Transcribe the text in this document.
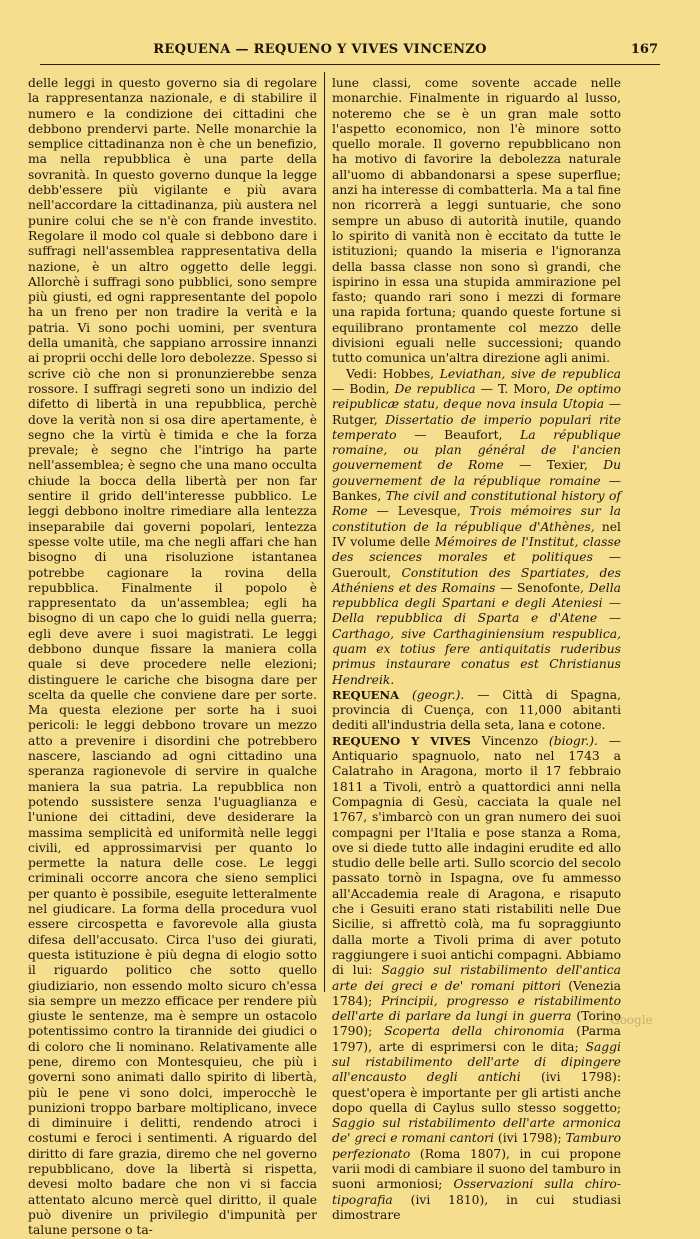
REQUENA — REQUENO Y VIVES VINCENZO	167

delle leggi in questo governo sia di regolare la rappresentanza nazionale, e di stabilire il numero e la condizione dei cittadini che debbono prendervi parte. Nelle monarchie la semplice cittadinanza non è che un benefizio, ma nella repubblica è una parte della sovranità. In questo governo dunque la legge debb'essere più vigilante e più avara nell'accordare la cittadinanza, più austera nel punire colui che se n'è con frande investito. Regolare il modo col quale si debbono dare i suffragi nell'assemblea rappresentativa della nazione, è un altro oggetto delle leggi. Allorchè i suffragi sono pubblici, sono sempre più giusti, ed ogni rappresentante del popolo ha un freno per non tradire la verità e la patria. Vi sono pochi uomini, per sventura della umanità, che sappiano arrossire innanzi ai proprii occhi delle loro debolezze. Spesso si scrive ciò che non si pronunzierebbe senza rossore. I suffragi segreti sono un indizio del difetto di libertà in una repubblica, perchè dove la verità non si osa dire apertamente, è segno che la virtù è timida e che la forza prevale; è segno che l'intrigo ha parte nell'assemblea; è segno che una mano occulta chiude la bocca della libertà per non far sentire il grido dell'interesse pubblico. Le leggi debbono inoltre rimediare alla lentezza inseparabile dai governi popolari, lentezza spesse volte utile, ma che negli affari che han bisogno di una risoluzione istantanea potrebbe cagionare la rovina della repubblica. Finalmente il popolo è rappresentato da un'assemblea; egli ha bisogno di un capo che lo guidi nella guerra; egli deve avere i suoi magistrati. Le leggi debbono dunque fissare la maniera colla quale si deve procedere nelle elezioni; distinguere le cariche che bisogna dare per scelta da quelle che conviene dare per sorte. Ma questa elezione per sorte ha i suoi pericoli: le leggi debbono trovare un mezzo atto a prevenire i disordini che potrebbero nascere, lasciando ad ogni cittadino una speranza ragionevole di servire in qualche maniera la sua patria. La repubblica non potendo sussistere senza l'uguaglianza e l'unione dei cittadini, deve desiderare la massima semplicità ed uniformità nelle leggi civili, ed approssimarvisi per quanto lo permette la natura delle cose. Le leggi criminali occorre ancora che sieno semplici per quanto è possibile, eseguite letteralmente nel giudicare. La forma della procedura vuol essere circospetta e favorevole alla giusta difesa dell'accusato. Circa l'uso dei giurati, questa istituzione è più degna di elogio sotto il riguardo politico che sotto quello giudiziario, non essendo molto sicuro ch'essa sia sempre un mezzo efficace per rendere più giuste le sentenze, ma è sempre un ostacolo potentissimo contro la tirannide dei giudici o di coloro che li nominano. Relativamente alle pene, diremo con Montesquieu, che più i governi sono animati dallo spirito di libertà, più le pene vi sono dolci, imperocchè le punizioni troppo barbare moltiplicano, invece di diminuire i delitti, rendendo atroci i costumi e feroci i sentimenti. A riguardo del diritto di fare grazia, diremo che nel governo repubblicano, dove la libertà si rispetta, devesi molto badare che non vi si faccia attentato alcuno mercè quel diritto, il quale può divenire un privilegio d'impunità per talune persone o ta-

lune classi, come sovente accade nelle monarchie. Finalmente in riguardo al lusso, noteremo che se è un gran male sotto l'aspetto economico, non l'è minore sotto quello morale. Il governo repubblicano non ha motivo di favorire la debolezza naturale all'uomo di abbandonarsi a spese superflue; anzi ha interesse di combatterla. Ma a tal fine non ricorrerà a leggi suntuarie, che sono sempre un abuso di autorità inutile, quando lo spirito di vanità non è eccitato da tutte le istituzioni; quando la miseria e l'ignoranza della bassa classe non sono sì grandi, che ispirino in essa una stupida ammirazione pel fasto; quando rari sono i mezzi di formare una rapida fortuna; quando queste fortune si equilibrano prontamente col mezzo delle divisioni eguali nelle successioni; quando tutto comunica un'altra direzione agli animi.

Vedi: Hobbes, Leviathan, sive de republica — Bodin, De republica — T. Moro, De optimo reipublicæ statu, deque nova insula Utopia — Rutger, Dissertatio de imperio populari rite temperato — Beaufort, La république romaine, ou plan général de l'ancien gouvernement de Rome — Texier, Du gouvernement de la république romaine — Bankes, The civil and constitutional history of Rome — Levesque, Trois mémoires sur la constitution de la république d'Athènes, nel IV volume delle Mémoires de l'Institut, classe des sciences morales et politiques — Gueroult, Constitution des Spartiates, des Athéniens et des Romains — Senofonte, Della repubblica degli Spartani e degli Ateniesi — Della repubblica di Sparta e d'Atene — Carthago, sive Carthaginiensium respublica, quam ex totius fere antiquitatis ruderibus primus instaurare conatus est Christianus Hendreik.

REQUENA (geogr.). — Città di Spagna, provincia di Cuença, con 11,000 abitanti dediti all'industria della seta, lana e cotone.

REQUENO Y VIVES Vincenzo (biogr.). — Antiquario spagnuolo, nato nel 1743 a Calatraho in Aragona, morto il 17 febbraio 1811 a Tivoli, entrò a quattordici anni nella Compagnia di Gesù, cacciata la quale nel 1767, s'imbarcò con un gran numero dei suoi compagni per l'Italia e pose stanza a Roma, ove si diede tutto alle indagini erudite ed allo studio delle belle arti. Sullo scorcio del secolo passato tornò in Ispagna, ove fu ammesso all'Accademia reale di Aragona, e risaputo che i Gesuiti erano stati ristabiliti nelle Due Sicilie, si affrettò colà, ma fu sopraggiunto dalla morte a Tivoli prima di aver potuto raggiungere i suoi antichi compagni. Abbiamo di lui: Saggio sul ristabilimento dell'antica arte dei greci e de' romani pittori (Venezia 1784); Principii, progresso e ristabilimento dell'arte di parlare da lungi in guerra (Torino 1790); Scoperta della chironomia (Parma 1797), arte di esprimersi con le dita; Saggi sul ristabilimento dell'arte di dipingere all'encausto degli antichi (ivi 1798): quest'opera è importante per gli artisti anche dopo quella di Caylus sullo stesso soggetto; Saggio sul ristabilimento dell'arte armonica de' greci e romani cantori (ivi 1798); Tamburo perfezionato (Roma 1807), in cui propone varii modi di cambiare il suono del tamburo in suoni armoniosi; Osservazioni sulla chiro-tipografia (ivi 1810), in cui studiasi dimostrare

Google
